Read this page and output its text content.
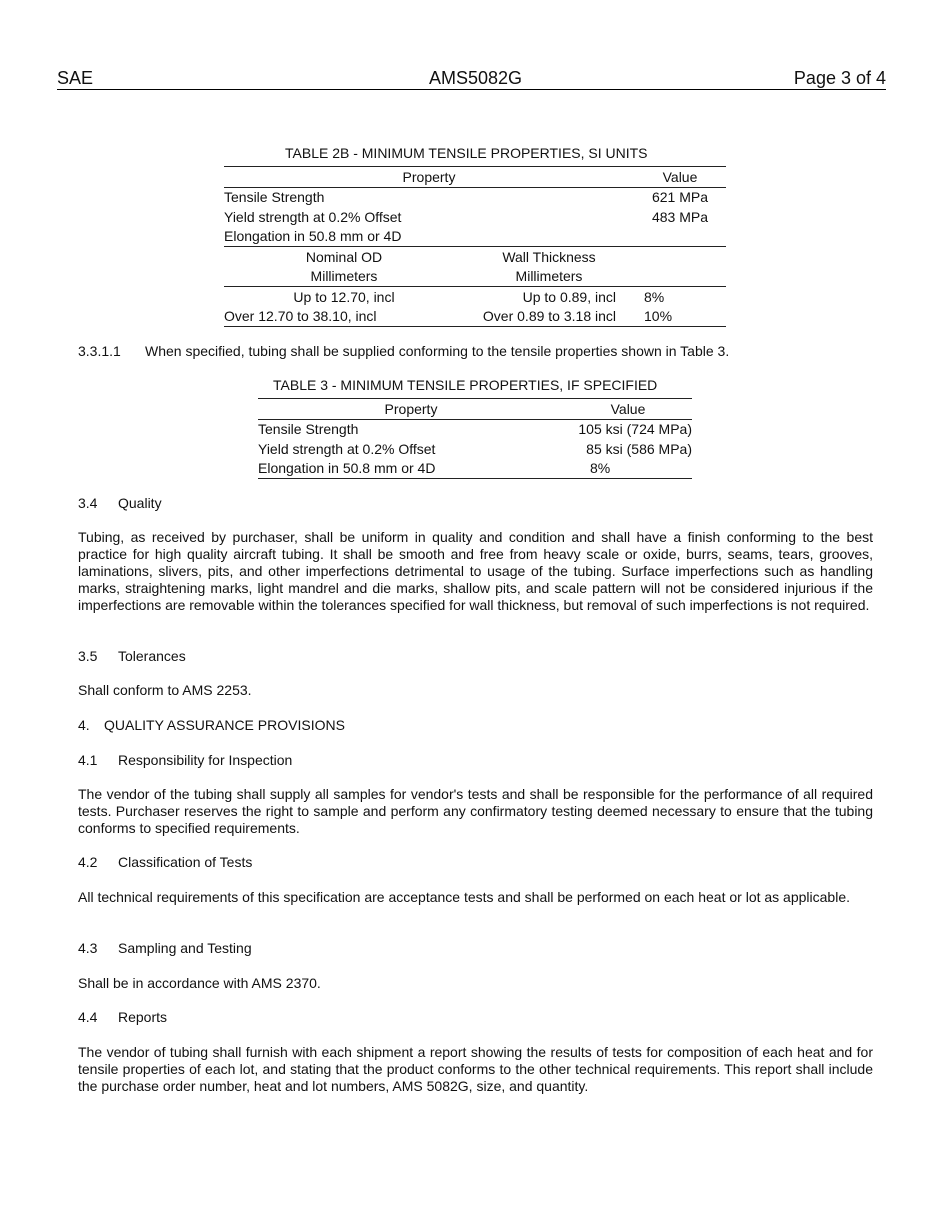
SAE	AMS5082G	Page 3 of 4
TABLE 2B - MINIMUM TENSILE PROPERTIES, SI UNITS
Property		Value
Tensile Strength		621 MPa
Yield strength at 0.2% Offset		483 MPa
Elongation in 50.8 mm or 4D		
Nominal OD	Wall Thickness	
Millimeters	Millimeters	
Up to 12.70, incl	Up to 0.89, incl	8%
Over 12.70 to 38.10, incl	Over 0.89 to 3.18 incl	10%
3.3.1.1 When specified, tubing shall be supplied conforming to the tensile properties shown in Table 3.
TABLE 3 - MINIMUM TENSILE PROPERTIES, IF SPECIFIED
Property	Value
Tensile Strength	105 ksi (724 MPa)
Yield strength at 0.2% Offset	85 ksi (586 MPa)
Elongation in 50.8 mm or 4D	8%
3.4 Quality
Tubing, as received by purchaser, shall be uniform in quality and condition and shall have a finish conforming to the best practice for high quality aircraft tubing. It shall be smooth and free from heavy scale or oxide, burrs, seams, tears, grooves, laminations, slivers, pits, and other imperfections detrimental to usage of the tubing. Surface imperfections such as handling marks, straightening marks, light mandrel and die marks, shallow pits, and scale pattern will not be considered injurious if the imperfections are removable within the tolerances specified for wall thickness, but removal of such imperfections is not required.
3.5 Tolerances
Shall conform to AMS 2253.
4. QUALITY ASSURANCE PROVISIONS
4.1 Responsibility for Inspection
The vendor of the tubing shall supply all samples for vendor's tests and shall be responsible for the performance of all required tests. Purchaser reserves the right to sample and perform any confirmatory testing deemed necessary to ensure that the tubing conforms to specified requirements.
4.2 Classification of Tests
All technical requirements of this specification are acceptance tests and shall be performed on each heat or lot as applicable.
4.3 Sampling and Testing
Shall be in accordance with AMS 2370.
4.4 Reports
The vendor of tubing shall furnish with each shipment a report showing the results of tests for composition of each heat and for tensile properties of each lot, and stating that the product conforms to the other technical requirements. This report shall include the purchase order number, heat and lot numbers, AMS 5082G, size, and quantity.
